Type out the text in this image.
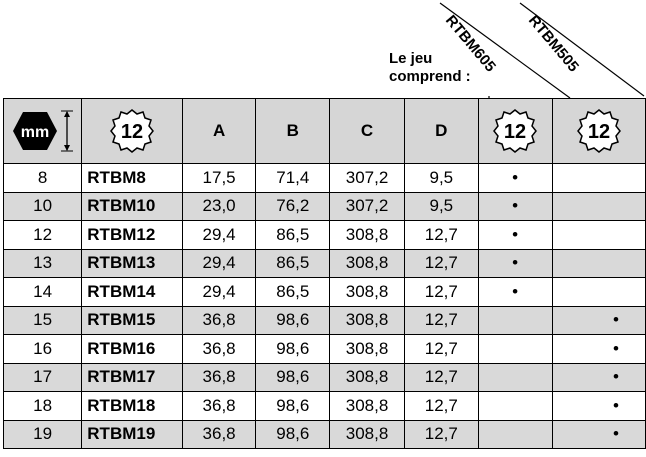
Le jeu
comprend :
RTBM605 RTBM505
mm	12	A	B	C	D	12	12

8	RTBM8	17,5	71,4	307,2	9,5	•	
10	RTBM10	23,0	76,2	307,2	9,5	•	
12	RTBM12	29,4	86,5	308,8	12,7	•	
13	RTBM13	29,4	86,5	308,8	12,7	•	
14	RTBM14	29,4	86,5	308,8	12,7	•	
15	RTBM15	36,8	98,6	308,8	12,7		•
16	RTBM16	36,8	98,6	308,8	12,7		•
17	RTBM17	36,8	98,6	308,8	12,7		•
18	RTBM18	36,8	98,6	308,8	12,7		•
19	RTBM19	36,8	98,6	308,8	12,7		•
